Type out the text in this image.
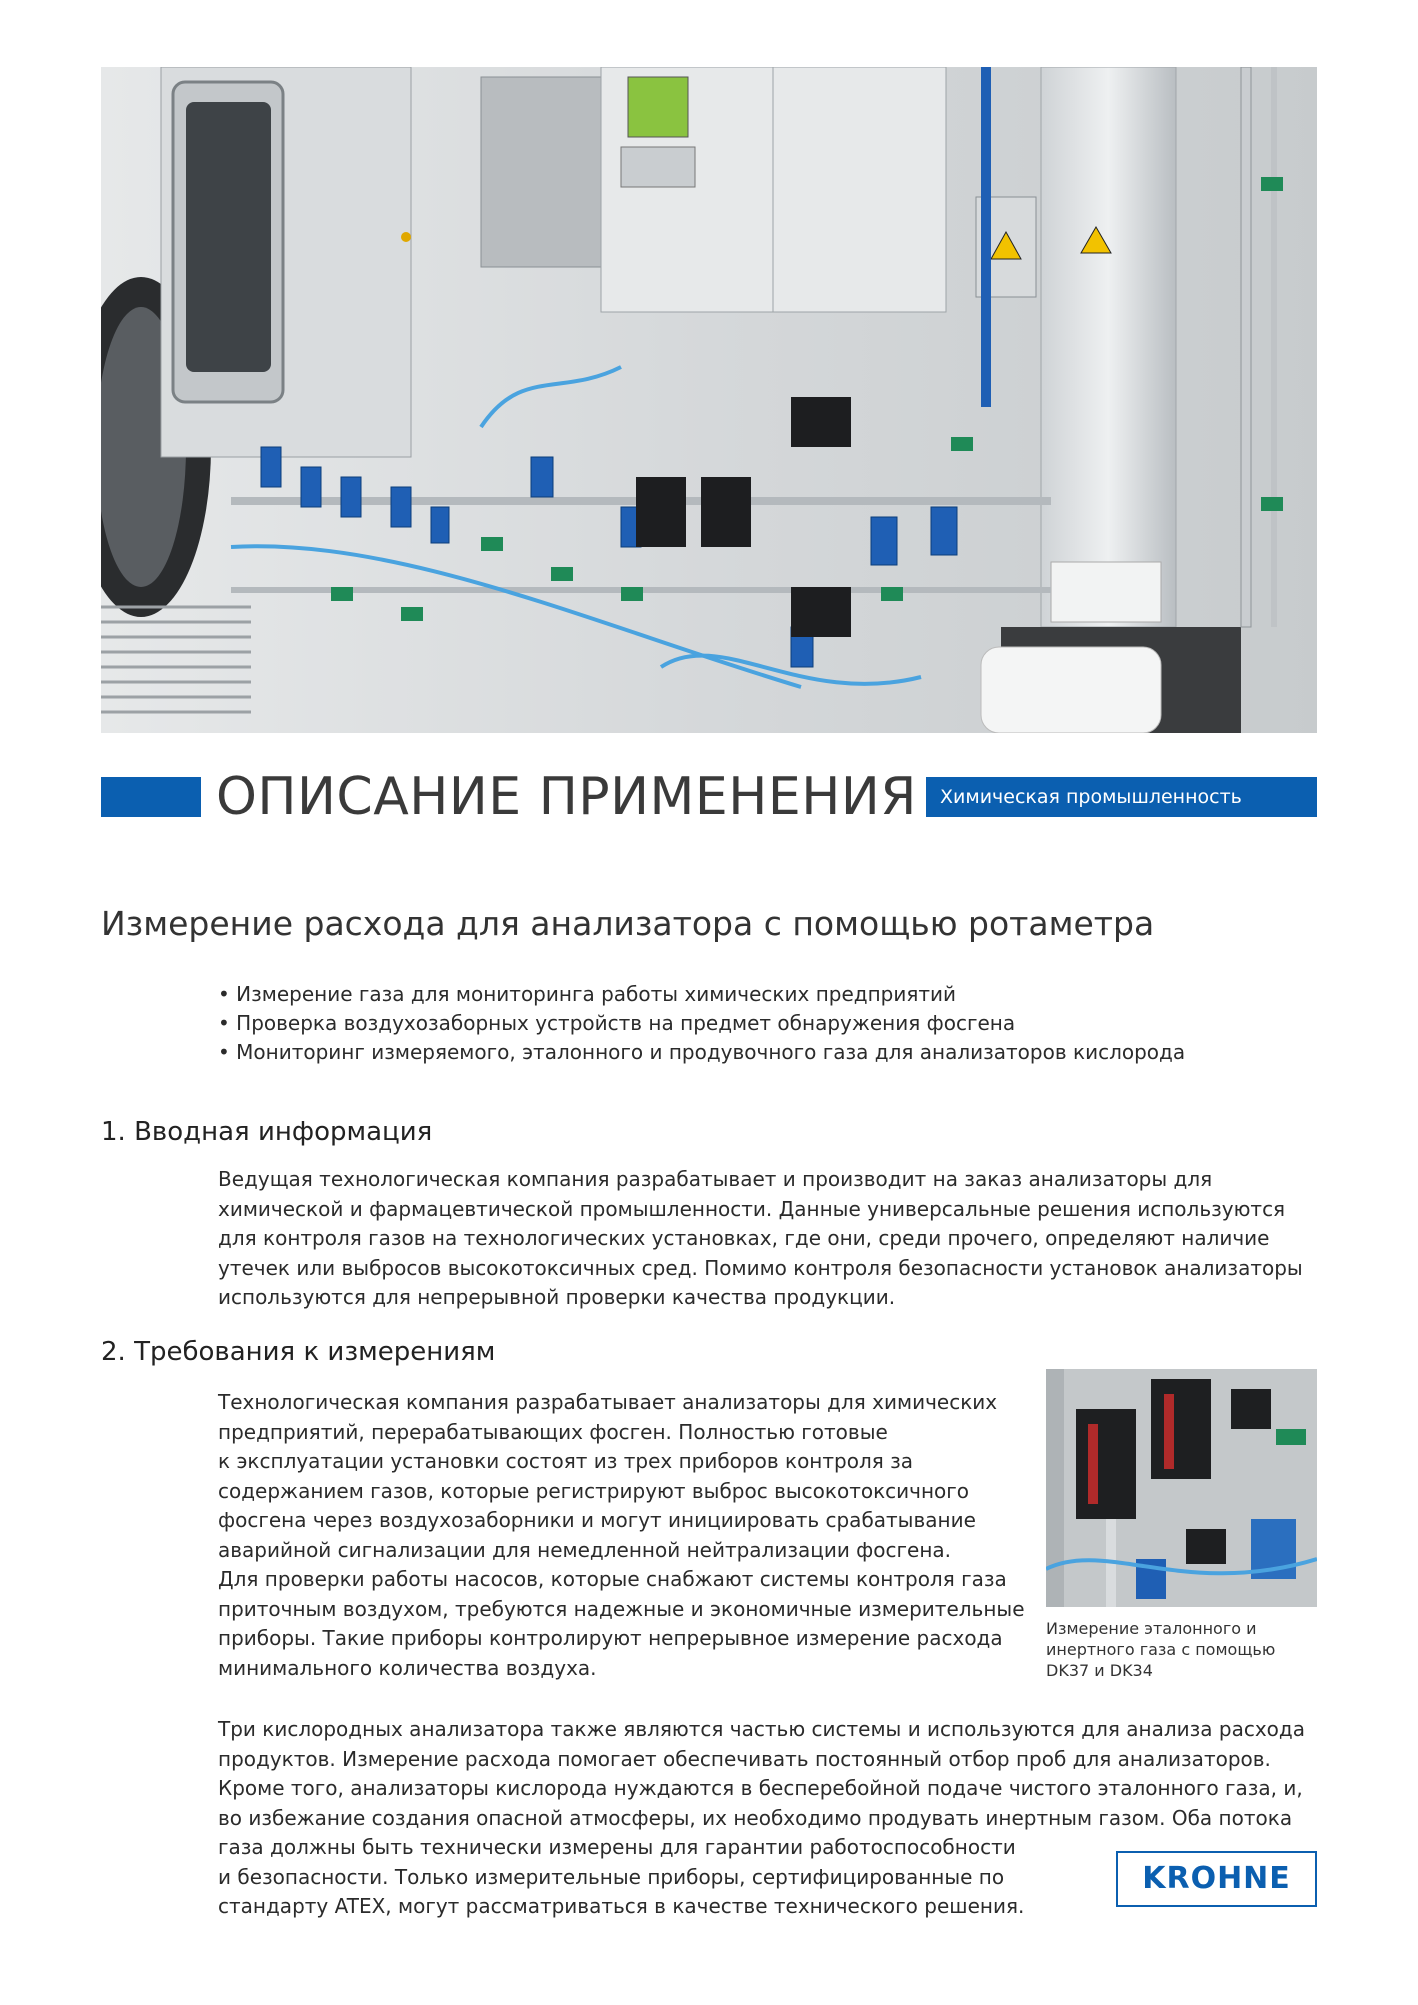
ОПИСАНИЕ ПРИМЕНЕНИЯ	Химическая промышленность
Измерение расхода для анализатора с помощью ротаметра
• Измерение газа для мониторинга работы химических предприятий
• Проверка воздухозаборных устройств на предмет обнаружения фосгена
• Мониторинг измеряемого, эталонного и продувочного газа для анализаторов кислорода
1. Вводная информация
Ведущая технологическая компания разрабатывает и производит на заказ анализаторы для
химической и фармацевтической промышленности. Данные универсальные решения используются
для контроля газов на технологических установках, где они, среди прочего, определяют наличие
утечек или выбросов высокотоксичных сред. Помимо контроля безопасности установок анализаторы
используются для непрерывной проверки качества продукции.
2. Требования к измерениям
Технологическая компания разрабатывает анализаторы для химических
предприятий, перерабатывающих фосген. Полностью готовые
к эксплуатации установки состоят из трех приборов контроля за
содержанием газов, которые регистрируют выброс высокотоксичного
фосгена через воздухозаборники и могут инициировать срабатывание
аварийной сигнализации для немедленной нейтрализации фосгена.
Для проверки работы насосов, которые снабжают системы контроля газа
приточным воздухом, требуются надежные и экономичные измерительные
приборы. Такие приборы контролируют непрерывное измерение расхода
минимального количества воздуха.
Измерение эталонного и
инертного газа с помощью
DK37 и DK34
Три кислородных анализатора также являются частью системы и используются для анализа расхода
продуктов. Измерение расхода помогает обеспечивать постоянный отбор проб для анализаторов.
Кроме того, анализаторы кислорода нуждаются в бесперебойной подаче чистого эталонного газа, и,
во избежание создания опасной атмосферы, их необходимо продувать инертным газом. Оба потока
газа должны быть технически измерены для гарантии работоспособности
и безопасности. Только измерительные приборы, сертифицированные по
стандарту ATEX, могут рассматриваться в качестве технического решения.
KROHNE
